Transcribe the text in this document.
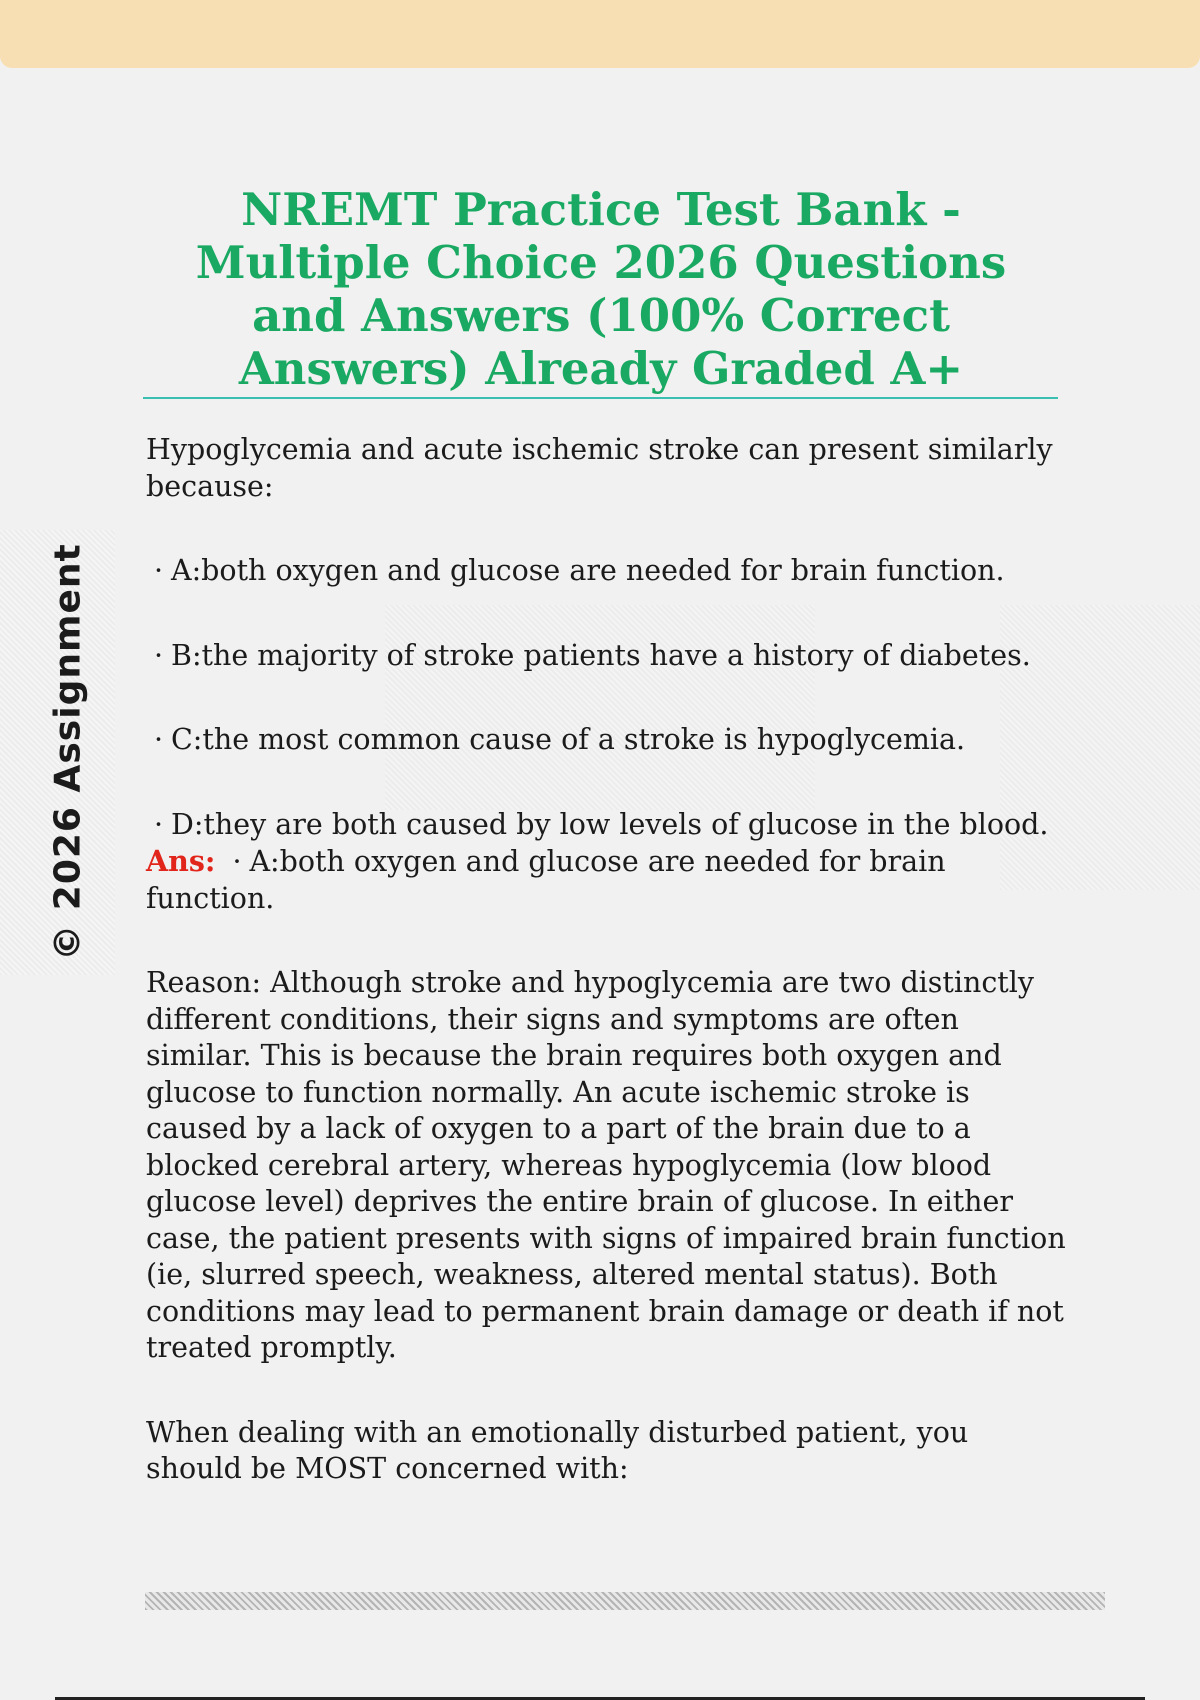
© 2026 Assignment
NREMT Practice Test Bank - Multiple Choice 2026 Questions and Answers (100% Correct Answers) Already Graded A+

Hypoglycemia and acute ischemic stroke can present similarly because:

· A:both oxygen and glucose are needed for brain function.

· B:the majority of stroke patients have a history of diabetes.

· C:the most common cause of a stroke is hypoglycemia.

· D:they are both caused by low levels of glucose in the blood.

Ans: · A:both oxygen and glucose are needed for brain function.

Reason: Although stroke and hypoglycemia are two distinctly different conditions, their signs and symptoms are often similar. This is because the brain requires both oxygen and glucose to function normally. An acute ischemic stroke is caused by a lack of oxygen to a part of the brain due to a blocked cerebral artery, whereas hypoglycemia (low blood glucose level) deprives the entire brain of glucose. In either case, the patient presents with signs of impaired brain function (ie, slurred speech, weakness, altered mental status). Both conditions may lead to permanent brain damage or death if not treated promptly.

When dealing with an emotionally disturbed patient, you should be MOST concerned with:
